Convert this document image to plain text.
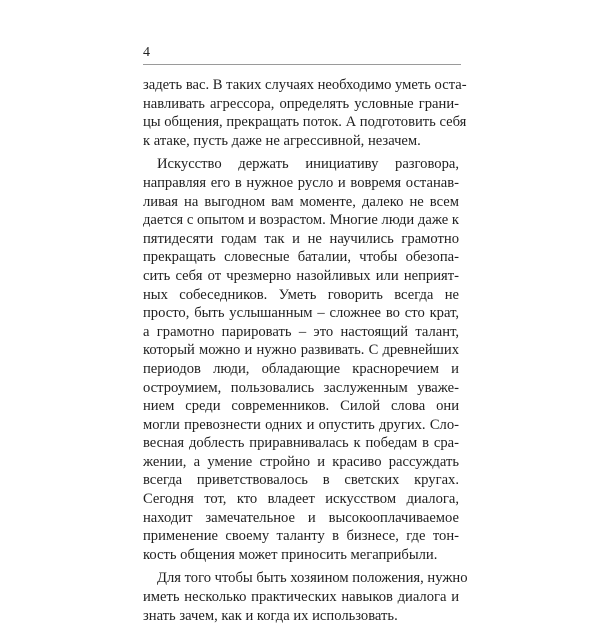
4
задеть вас. В таких случаях необходимо уметь оста-
навливать агрессора, определять условные грани-
цы общения, прекращать поток. А подготовить себя
к атаке, пусть даже не агрессивной, незачем.
Искусство держать инициативу разговора,
направляя его в нужное русло и вовремя останав-
ливая на выгодном вам моменте, далеко не всем
дается с опытом и возрастом. Многие люди даже к
пятидесяти годам так и не научились грамотно
прекращать словесные баталии, чтобы обезопа-
сить себя от чрезмерно назойливых или неприят-
ных собеседников. Уметь говорить всегда не
просто, быть услышанным – сложнее во сто крат,
а грамотно парировать – это настоящий талант,
который можно и нужно развивать. С древнейших
периодов люди, обладающие красноречием и
остроумием, пользовались заслуженным уваже-
нием среди современников. Силой слова они
могли превознести одних и опустить других. Сло-
весная доблесть приравнивалась к победам в сра-
жении, а умение стройно и красиво рассуждать
всегда приветствовалось в светских кругах.
Сегодня тот, кто владеет искусством диалога,
находит замечательное и высокооплачиваемое
применение своему таланту в бизнесе, где тон-
кость общения может приносить мегаприбыли.
Для того чтобы быть хозяином положения, нужно
иметь несколько практических навыков диалога и
знать зачем, как и когда их использовать.
